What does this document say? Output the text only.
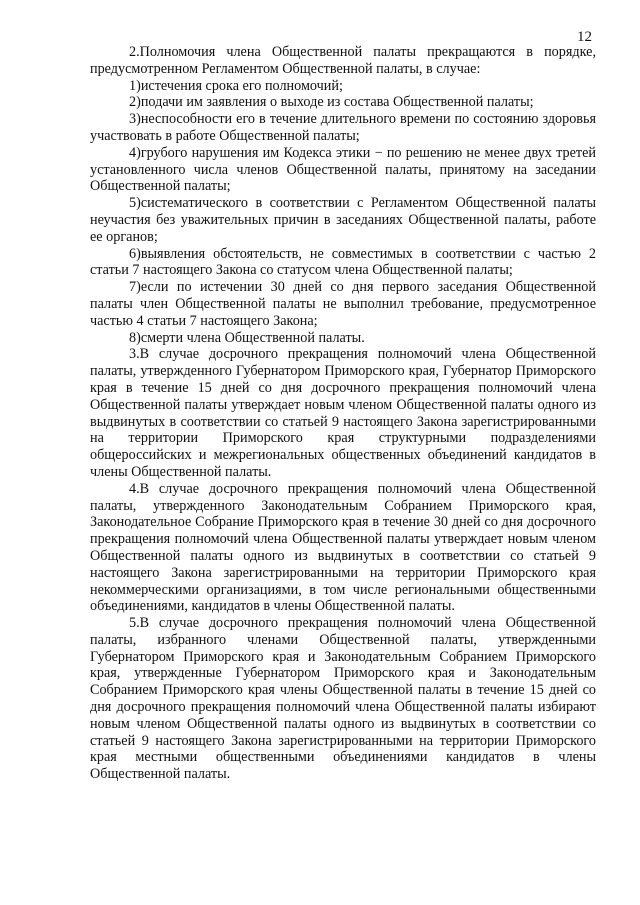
12

2.Полномочия члена Общественной палаты прекращаются в порядке, предусмотренном Регламентом Общественной палаты, в случае:

1)истечения срока его полномочий;

2)подачи им заявления о выходе из состава Общественной палаты;

3)неспособности его в течение длительного времени по состоянию здоровья участвовать в работе Общественной палаты;

4)грубого нарушения им Кодекса этики − по решению не менее двух третей установленного числа членов Общественной палаты, принятому на заседании Общественной палаты;

5)систематического в соответствии с Регламентом Общественной палаты неучастия без уважительных причин в заседаниях Общественной палаты, работе ее органов;

6)выявления обстоятельств, не совместимых в соответствии с частью 2 статьи 7 настоящего Закона со статусом члена Общественной палаты;

7)если по истечении 30 дней со дня первого заседания Общественной палаты член Общественной палаты не выполнил требование, предусмотренное частью 4 статьи 7 настоящего Закона;

8)смерти члена Общественной палаты.

3.В случае досрочного прекращения полномочий члена Общественной палаты, утвержденного Губернатором Приморского края, Губернатор Приморского края в течение 15 дней со дня досрочного прекращения полномочий члена Общественной палаты утверждает новым членом Общественной палаты одного из выдвинутых в соответствии со статьей 9 настоящего Закона зарегистрированными на территории Приморского края структурными подразделениями общероссийских и межрегиональных общественных объединений кандидатов в члены Общественной палаты.

4.В случае досрочного прекращения полномочий члена Общественной палаты, утвержденного Законодательным Собранием Приморского края, Законодательное Собрание Приморского края в течение 30 дней со дня досрочного прекращения полномочий члена Общественной палаты утверждает новым членом Общественной палаты одного из выдвинутых в соответствии со статьей 9 настоящего Закона зарегистрированными на территории Приморского края некоммерческими организациями, в том числе региональными общественными объединениями, кандидатов в члены Общественной палаты.

5.В случае досрочного прекращения полномочий члена Общественной палаты, избранного членами Общественной палаты, утвержденными Губернатором Приморского края и Законодательным Собранием Приморского края, утвержденные Губернатором Приморского края и Законодательным Собранием Приморского края члены Общественной палаты в течение 15 дней со дня досрочного прекращения полномочий члена Общественной палаты избирают новым членом Общественной палаты одного из выдвинутых в соответствии со статьей 9 настоящего Закона зарегистрированными на территории Приморского края местными общественными объединениями кандидатов в члены Общественной палаты.
